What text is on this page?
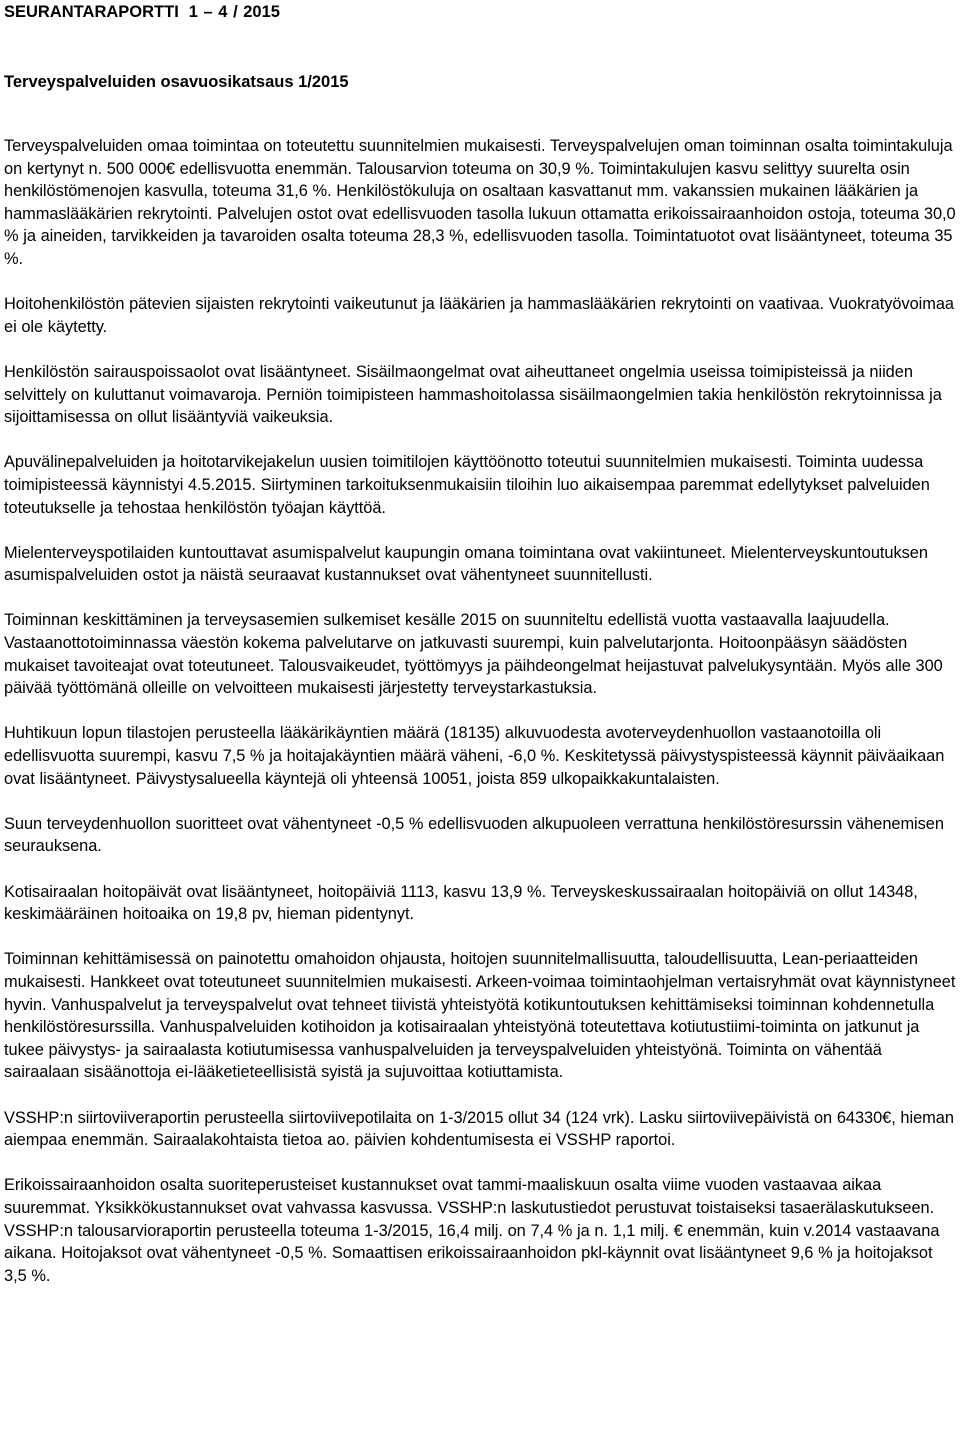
SEURANTARAPORTTI 1 – 4 / 2015
Terveyspalveluiden osavuosikatsaus 1/2015

Terveyspalveluiden omaa toimintaa on toteutettu suunnitelmien mukaisesti. Terveyspalvelujen oman toiminnan osalta toimintakuluja on kertynyt n. 500 000€ edellisvuotta enemmän. Talousarvion toteuma on 30,9 %. Toimintakulujen kasvu selittyy suurelta osin henkilöstömenojen kasvulla, toteuma 31,6 %. Henkilöstökuluja on osaltaan kasvattanut mm. vakanssien mukainen lääkärien ja hammaslääkärien rekrytointi. Palvelujen ostot ovat edellisvuoden tasolla lukuun ottamatta erikoissairaanhoidon ostoja, toteuma 30,0 % ja aineiden, tarvikkeiden ja tavaroiden osalta toteuma 28,3 %, edellisvuoden tasolla. Toimintatuotot ovat lisääntyneet, toteuma 35 %.

Hoitohenkilöstön pätevien sijaisten rekrytointi vaikeutunut ja lääkärien ja hammaslääkärien rekrytointi on vaativaa. Vuokratyövoimaa ei ole käytetty.

Henkilöstön sairauspoissaolot ovat lisääntyneet. Sisäilmaongelmat ovat aiheuttaneet ongelmia useissa toimipisteissä ja niiden selvittely on kuluttanut voimavaroja. Perniön toimipisteen hammashoitolassa sisäilmaongelmien takia henkilöstön rekrytoinnissa ja sijoittamisessa on ollut lisääntyviä vaikeuksia.

Apuvälinepalveluiden ja hoitotarvikejakelun uusien toimitilojen käyttöönotto toteutui suunnitelmien mukaisesti. Toiminta uudessa toimipisteessä käynnistyi 4.5.2015. Siirtyminen tarkoituksenmukaisiin tiloihin luo aikaisempaa paremmat edellytykset palveluiden toteutukselle ja tehostaa henkilöstön työajan käyttöä.

Mielenterveyspotilaiden kuntouttavat asumispalvelut kaupungin omana toimintana ovat vakiintuneet. Mielenterveyskuntoutuksen asumispalveluiden ostot ja näistä seuraavat kustannukset ovat vähentyneet suunnitellusti.

Toiminnan keskittäminen ja terveysasemien sulkemiset kesälle 2015 on suunniteltu edellistä vuotta vastaavalla laajuudella. Vastaanottotoiminnassa väestön kokema palvelutarve on jatkuvasti suurempi, kuin palvelutarjonta. Hoitoonpääsyn säädösten mukaiset tavoiteajat ovat toteutuneet. Talousvaikeudet, työttömyys ja päihdeongelmat heijastuvat palvelukysyntään. Myös alle 300 päivää työttömänä olleille on velvoitteen mukaisesti järjestetty terveystarkastuksia.

Huhtikuun lopun tilastojen perusteella lääkärikäyntien määrä (18135) alkuvuodesta avoterveydenhuollon vastaanotoilla oli edellisvuotta suurempi, kasvu 7,5 % ja hoitajakäyntien määrä väheni, -6,0 %. Keskitetyssä päivystyspisteessä käynnit päiväaikaan ovat lisääntyneet. Päivystysalueella käyntejä oli yhteensä 10051, joista 859 ulkopaikkakuntalaisten.

Suun terveydenhuollon suoritteet ovat vähentyneet -0,5 % edellisvuoden alkupuoleen verrattuna henkilöstöresurssin vähenemisen seurauksena.

Kotisairaalan hoitopäivät ovat lisääntyneet, hoitopäiviä 1113, kasvu 13,9 %. Terveyskeskussairaalan hoitopäiviä on ollut 14348, keskimääräinen hoitoaika on 19,8 pv, hieman pidentynyt.

Toiminnan kehittämisessä on painotettu omahoidon ohjausta, hoitojen suunnitelmallisuutta, taloudellisuutta, Lean-periaatteiden mukaisesti. Hankkeet ovat toteutuneet suunnitelmien mukaisesti. Arkeen-voimaa toimintaohjelman vertaisryhmät ovat käynnistyneet hyvin. Vanhuspalvelut ja terveyspalvelut ovat tehneet tiivistä yhteistyötä kotikuntoutuksen kehittämiseksi toiminnan kohdennetulla henkilöstöresurssilla. Vanhuspalveluiden kotihoidon ja kotisairaalan yhteistyönä toteutettava kotiutustiimi-toiminta on jatkunut ja tukee päivystys- ja sairaalasta kotiutumisessa vanhuspalveluiden ja terveyspalveluiden yhteistyönä. Toiminta on vähentää sairaalaan sisäänottoja ei-lääketieteellisistä syistä ja sujuvoittaa kotiuttamista.

VSSHP:n siirtoviiveraportin perusteella siirtoviivepotilaita on 1-3/2015 ollut 34 (124 vrk). Lasku siirtoviivepäivistä on 64330€, hieman aiempaa enemmän. Sairaalakohtaista tietoa ao. päivien kohdentumisesta ei VSSHP raportoi.

Erikoissairaanhoidon osalta suoriteperusteiset kustannukset ovat tammi-maaliskuun osalta viime vuoden vastaavaa aikaa suuremmat. Yksikkökustannukset ovat vahvassa kasvussa. VSSHP:n laskutustiedot perustuvat toistaiseksi tasaerälaskutukseen. VSSHP:n talousarvioraportin perusteella toteuma 1-3/2015, 16,4 milj. on 7,4 % ja n. 1,1 milj. € enemmän, kuin v.2014 vastaavana aikana. Hoitojaksot ovat vähentyneet -0,5 %. Somaattisen erikoissairaanhoidon pkl-käynnit ovat lisääntyneet 9,6 % ja hoitojaksot 3,5 %.
